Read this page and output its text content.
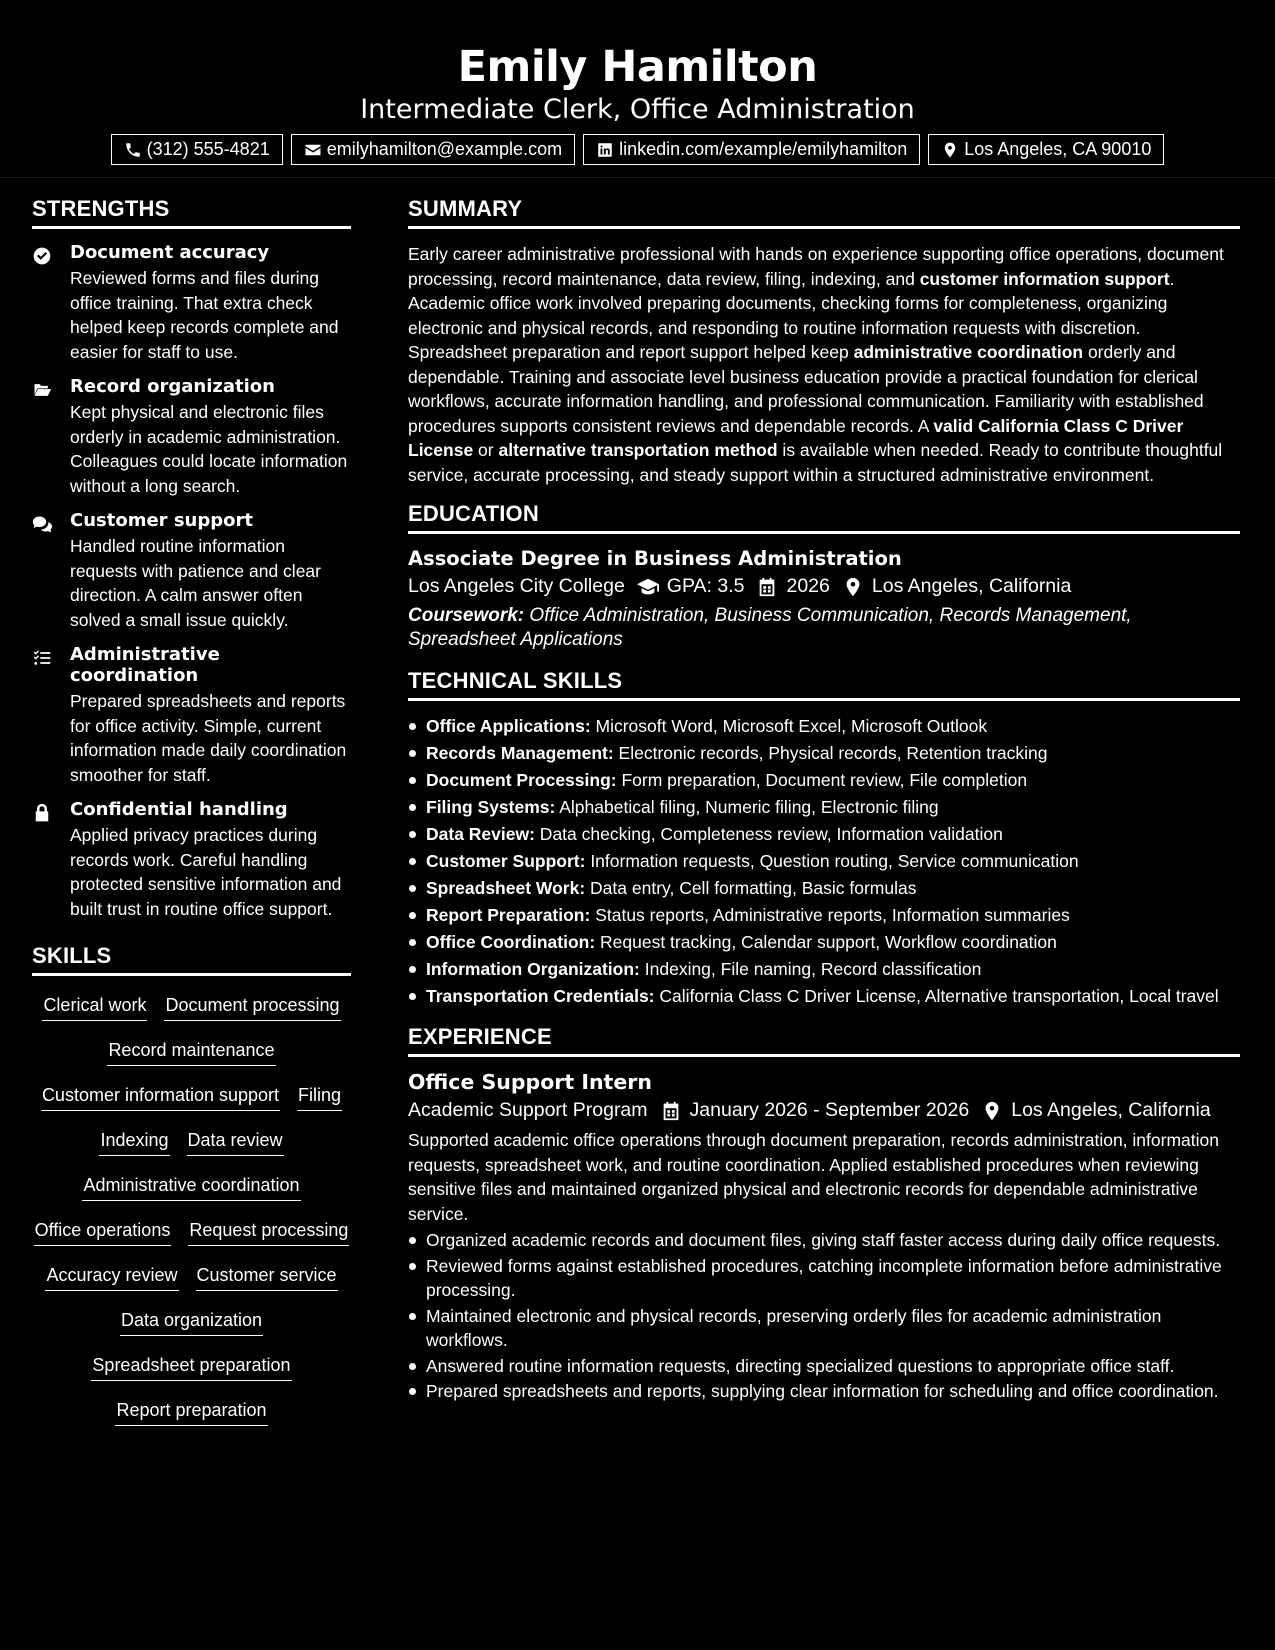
Emily Hamilton
Intermediate Clerk, Office Administration
(312) 555-4821	emilyhamilton@example.com	linkedin.com/example/emilyhamilton	Los Angeles, CA 90010
STRENGTHS
Document accuracy
Reviewed forms and files during office training. That extra check helped keep records complete and easier for staff to use.
Record organization
Kept physical and electronic files orderly in academic administration. Colleagues could locate information without a long search.
Customer support
Handled routine information requests with patience and clear direction. A calm answer often solved a small issue quickly.
Administrative coordination
Prepared spreadsheets and reports for office activity. Simple, current information made daily coordination smoother for staff.
Confidential handling
Applied privacy practices during records work. Careful handling protected sensitive information and built trust in routine office support.
SKILLS
Clerical work Document processing
Record maintenance
Customer information support Filing
Indexing Data review
Administrative coordination
Office operations Request processing
Accuracy review Customer service
Data organization
Spreadsheet preparation
Report preparation
SUMMARY
Early career administrative professional with hands on experience supporting office operations, document processing, record maintenance, data review, filing, indexing, and customer information support. Academic office work involved preparing documents, checking forms for completeness, organizing electronic and physical records, and responding to routine information requests with discretion. Spreadsheet preparation and report support helped keep administrative coordination orderly and dependable. Training and associate level business education provide a practical foundation for clerical workflows, accurate information handling, and professional communication. Familiarity with established procedures supports consistent reviews and dependable records. A valid California Class C Driver License or alternative transportation method is available when needed. Ready to contribute thoughtful service, accurate processing, and steady support within a structured administrative environment.
EDUCATION
Associate Degree in Business Administration
Los Angeles City College GPA: 3.5 2026 Los Angeles, California
Coursework: Office Administration, Business Communication, Records Management, Spreadsheet Applications
TECHNICAL SKILLS
Office Applications: Microsoft Word, Microsoft Excel, Microsoft Outlook
Records Management: Electronic records, Physical records, Retention tracking
Document Processing: Form preparation, Document review, File completion
Filing Systems: Alphabetical filing, Numeric filing, Electronic filing
Data Review: Data checking, Completeness review, Information validation
Customer Support: Information requests, Question routing, Service communication
Spreadsheet Work: Data entry, Cell formatting, Basic formulas
Report Preparation: Status reports, Administrative reports, Information summaries
Office Coordination: Request tracking, Calendar support, Workflow coordination
Information Organization: Indexing, File naming, Record classification
Transportation Credentials: California Class C Driver License, Alternative transportation, Local travel
EXPERIENCE
Office Support Intern
Academic Support Program January 2026 - September 2026 Los Angeles, California
Supported academic office operations through document preparation, records administration, information requests, spreadsheet work, and routine coordination. Applied established procedures when reviewing sensitive files and maintained organized physical and electronic records for dependable administrative service.
Organized academic records and document files, giving staff faster access during daily office requests.
Reviewed forms against established procedures, catching incomplete information before administrative processing.
Maintained electronic and physical records, preserving orderly files for academic administration workflows.
Answered routine information requests, directing specialized questions to appropriate office staff.
Prepared spreadsheets and reports, supplying clear information for scheduling and office coordination.
